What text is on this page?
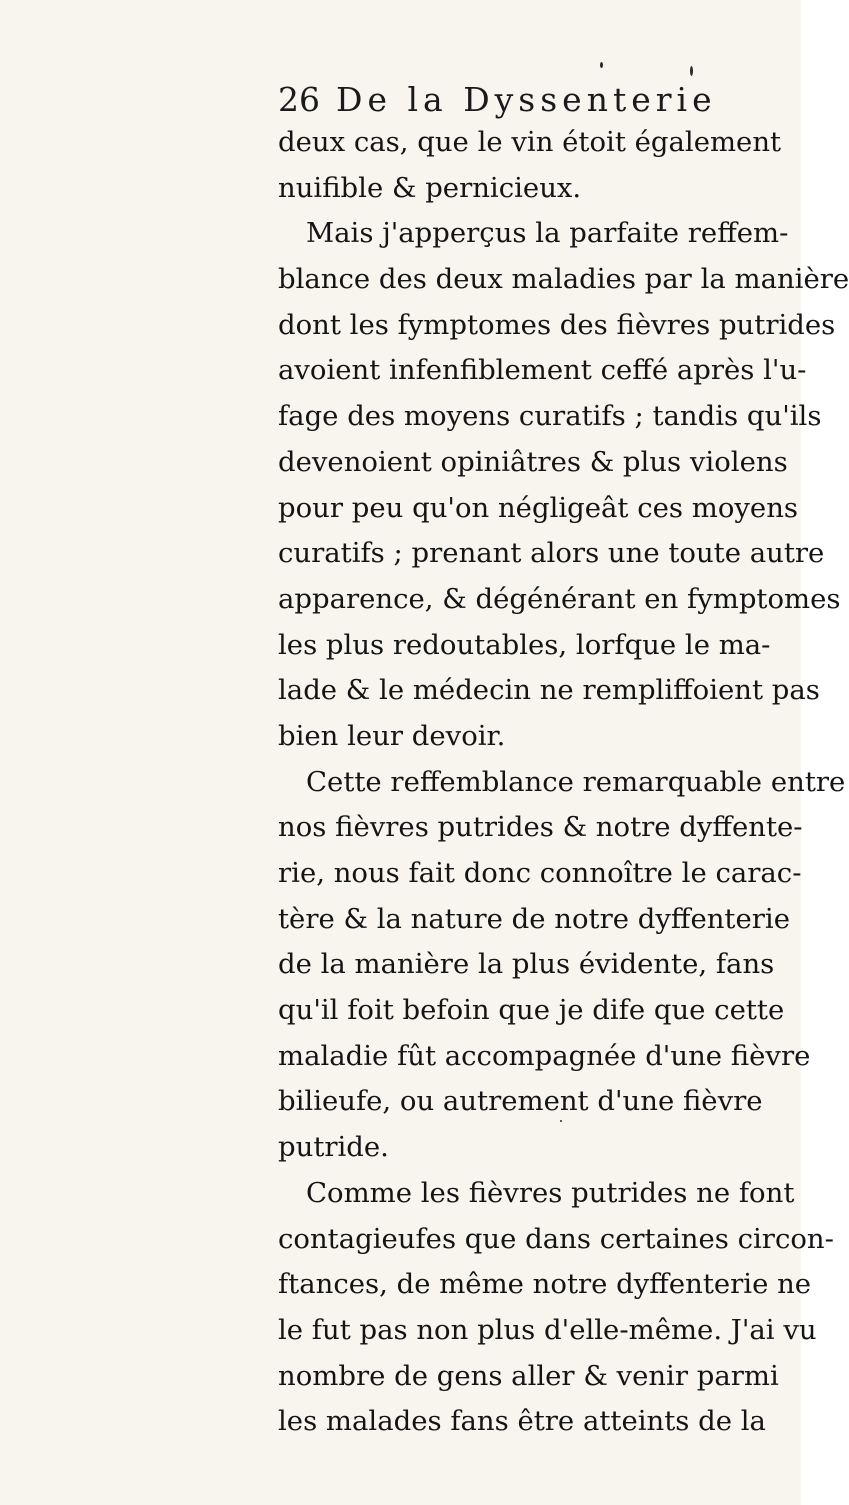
26 De la Dyssenterie
deux cas, que le vin étoit également
nuifible & pernicieux.
Mais j'apperçus la parfaite reffem-
blance des deux maladies par la manière
dont les fymptomes des fièvres putrides
avoient infenfiblement ceffé après l'u-
fage des moyens curatifs ; tandis qu'ils
devenoient opiniâtres & plus violens
pour peu qu'on négligeât ces moyens
curatifs ; prenant alors une toute autre
apparence, & dégénérant en fymptomes
les plus redoutables, lorfque le ma-
lade & le médecin ne rempliffoient pas
bien leur devoir.
Cette reffemblance remarquable entre
nos fièvres putrides & notre dyffente-
rie, nous fait donc connoître le carac-
tère & la nature de notre dyffenterie
de la manière la plus évidente, fans
qu'il foit befoin que je dife que cette
maladie fût accompagnée d'une fièvre
bilieufe, ou autrement d'une fièvre
putride.
Comme les fièvres putrides ne font
contagieufes que dans certaines circon-
ftances, de même notre dyffenterie ne
le fut pas non plus d'elle-même. J'ai vu
nombre de gens aller & venir parmi
les malades fans être atteints de la
